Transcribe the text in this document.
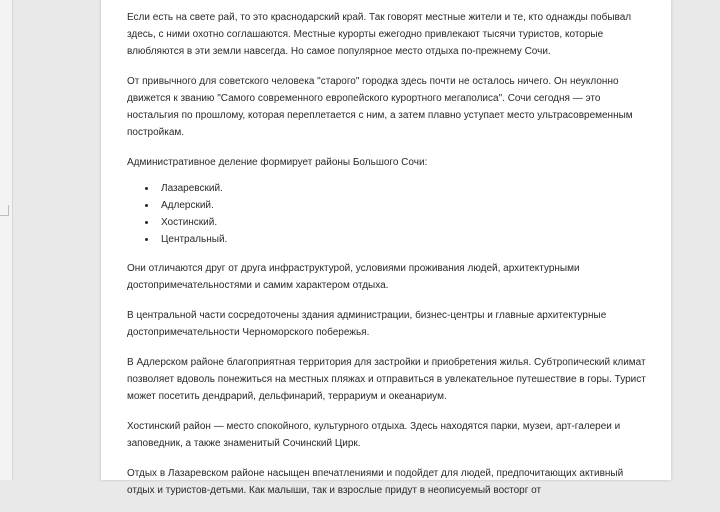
Если есть на свете рай, то это краснодарский край. Так говорят местные жители и те, кто однажды побывал здесь, с ними охотно соглашаются. Местные курорты ежегодно привлекают тысячи туристов, которые влюбляются в эти земли навсегда. Но самое популярное место отдыха по-прежнему Сочи.

От привычного для советского человека "старого" городка здесь почти не осталось ничего. Он неуклонно движется к званию "Самого современного европейского курортного мегаполиса". Сочи сегодня — это ностальгия по прошлому, которая переплетается с ним, а затем плавно уступает место ультрасовременным постройкам.

Административное деление формирует районы Большого Сочи:

• Лазаревский.
• Адлерский.
• Хостинский.
• Центральный.

Они отличаются друг от друга инфраструктурой, условиями проживания людей, архитектурными достопримечательностями и самим характером отдыха.

В центральной части сосредоточены здания администрации, бизнес-центры и главные архитектурные достопримечательности Черноморского побережья.

В Адлерском районе благоприятная территория для застройки и приобретения жилья. Субтропический климат позволяет вдоволь понежиться на местных пляжах и отправиться в увлекательное путешествие в горы. Турист может посетить дендрарий, дельфинарий, террариум и океанариум.

Хостинский район — место спокойного, культурного отдыха. Здесь находятся парки, музеи, арт-галереи и заповедник, а также знаменитый Сочинский Цирк.

Отдых в Лазаревском районе насыщен впечатлениями и подойдет для людей, предпочитающих активный отдых и туристов-детьми. Как малыши, так и взрослые придут в неописуемый восторг от
